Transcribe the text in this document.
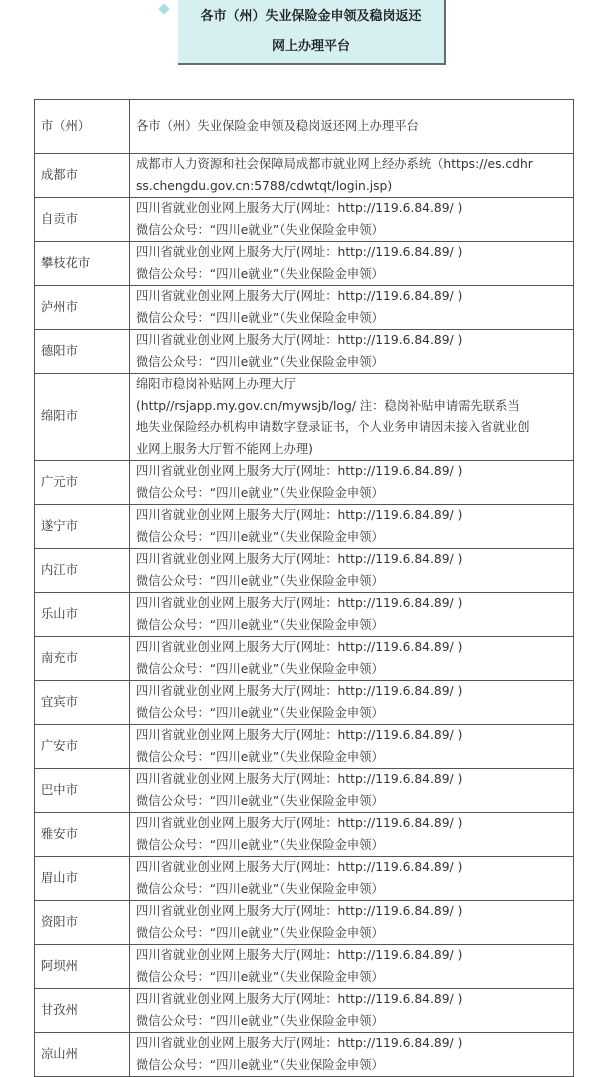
各市（州）失业保险金申领及稳岗返还
网上办理平台
市（州）	各市（州）失业保险金申领及稳岗返还网上办理平台
成都市	成都市人力资源和社会保障局成都市就业网上经办系统（https://es.cdhr
ss.chengdu.gov.cn:5788/cdwtqt/login.jsp)

自贡市	四川省就业创业网上服务大厅(网址：http://119.6.84.89/ )
微信公众号：“四川e就业”（失业保险金申领）

攀枝花市	四川省就业创业网上服务大厅(网址：http://119.6.84.89/ )
微信公众号：“四川e就业”（失业保险金申领）

泸州市	四川省就业创业网上服务大厅(网址：http://119.6.84.89/ )
微信公众号：“四川e就业”（失业保险金申领）

德阳市	四川省就业创业网上服务大厅(网址：http://119.6.84.89/ )
微信公众号：“四川e就业”（失业保险金申领）

绵阳市	绵阳市稳岗补贴网上办理大厅
(http//rsjapp.my.gov.cn/mywsjb/log/ 注：稳岗补贴申请需先联系当
地失业保险经办机构申请数字登录证书，个人业务申请因未接入省就业创
业网上服务大厅暂不能网上办理)

广元市	四川省就业创业网上服务大厅(网址：http://119.6.84.89/ )
微信公众号：“四川e就业”（失业保险金申领）

遂宁市	四川省就业创业网上服务大厅(网址：http://119.6.84.89/ )
微信公众号：“四川e就业”（失业保险金申领）

内江市	四川省就业创业网上服务大厅(网址：http://119.6.84.89/ )
微信公众号：“四川e就业”（失业保险金申领）

乐山市	四川省就业创业网上服务大厅(网址：http://119.6.84.89/ )
微信公众号：“四川e就业”（失业保险金申领）

南充市	四川省就业创业网上服务大厅(网址：http://119.6.84.89/ )
微信公众号：“四川e就业”（失业保险金申领）

宜宾市	四川省就业创业网上服务大厅(网址：http://119.6.84.89/ )
微信公众号：“四川e就业”（失业保险金申领）

广安市	四川省就业创业网上服务大厅(网址：http://119.6.84.89/ )
微信公众号：“四川e就业”（失业保险金申领）

巴中市	四川省就业创业网上服务大厅(网址：http://119.6.84.89/ )
微信公众号：“四川e就业”（失业保险金申领）

雅安市	四川省就业创业网上服务大厅(网址：http://119.6.84.89/ )
微信公众号：“四川e就业”（失业保险金申领）

眉山市	四川省就业创业网上服务大厅(网址：http://119.6.84.89/ )
微信公众号：“四川e就业”（失业保险金申领）

资阳市	四川省就业创业网上服务大厅(网址：http://119.6.84.89/ )
微信公众号：“四川e就业”（失业保险金申领）

阿坝州	四川省就业创业网上服务大厅(网址：http://119.6.84.89/ )
微信公众号：“四川e就业”（失业保险金申领）

甘孜州	四川省就业创业网上服务大厅(网址：http://119.6.84.89/ )
微信公众号：“四川e就业”（失业保险金申领）

凉山州	四川省就业创业网上服务大厅(网址：http://119.6.84.89/ )
微信公众号：“四川e就业”（失业保险金申领）
